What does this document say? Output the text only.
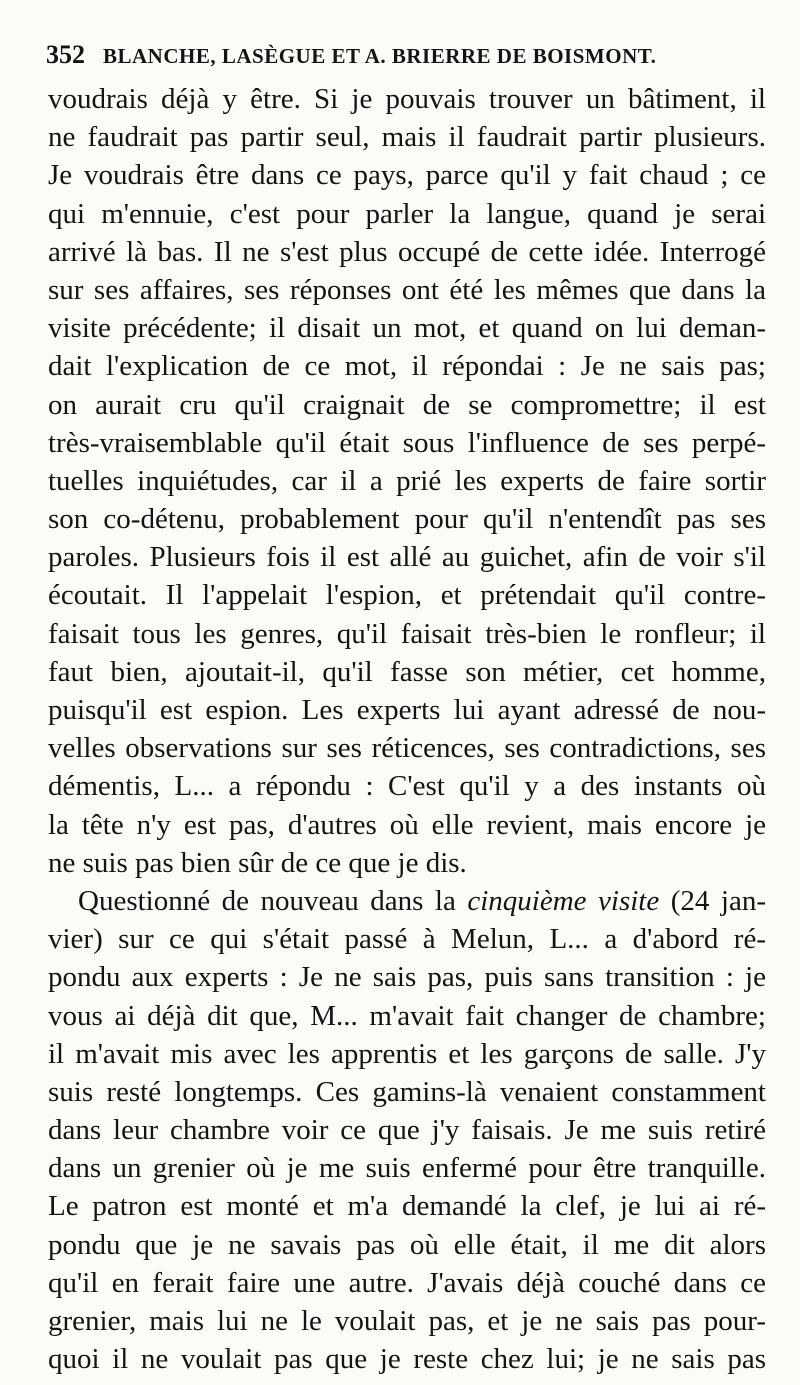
352 BLANCHE, LASÈGUE ET A. BRIERRE DE BOISMONT.
voudrais déjà y être. Si je pouvais trouver un bâtiment, il
ne faudrait pas partir seul, mais il faudrait partir plusieurs.
Je voudrais être dans ce pays, parce qu'il y fait chaud ; ce
qui m'ennuie, c'est pour parler la langue, quand je serai
arrivé là bas. Il ne s'est plus occupé de cette idée. Interrogé
sur ses affaires, ses réponses ont été les mêmes que dans la
visite précédente; il disait un mot, et quand on lui deman-
dait l'explication de ce mot, il répondai : Je ne sais pas;
on aurait cru qu'il craignait de se compromettre; il est
très-vraisemblable qu'il était sous l'influence de ses perpé-
tuelles inquiétudes, car il a prié les experts de faire sortir
son co-détenu, probablement pour qu'il n'entendît pas ses
paroles. Plusieurs fois il est allé au guichet, afin de voir s'il
écoutait. Il l'appelait l'espion, et prétendait qu'il contre-
faisait tous les genres, qu'il faisait très-bien le ronfleur; il
faut bien, ajoutait-il, qu'il fasse son métier, cet homme,
puisqu'il est espion. Les experts lui ayant adressé de nou-
velles observations sur ses réticences, ses contradictions, ses
démentis, L... a répondu : C'est qu'il y a des instants où
la tête n'y est pas, d'autres où elle revient, mais encore je
ne suis pas bien sûr de ce que je dis.
Questionné de nouveau dans la cinquième visite (24 jan-
vier) sur ce qui s'était passé à Melun, L... a d'abord ré-
pondu aux experts : Je ne sais pas, puis sans transition : je
vous ai déjà dit que, M... m'avait fait changer de chambre;
il m'avait mis avec les apprentis et les garçons de salle. J'y
suis resté longtemps. Ces gamins-là venaient constamment
dans leur chambre voir ce que j'y faisais. Je me suis retiré
dans un grenier où je me suis enfermé pour être tranquille.
Le patron est monté et m'a demandé la clef, je lui ai ré-
pondu que je ne savais pas où elle était, il me dit alors
qu'il en ferait faire une autre. J'avais déjà couché dans ce
grenier, mais lui ne le voulait pas, et je ne sais pas pour-
quoi il ne voulait pas que je reste chez lui; je ne sais pas
